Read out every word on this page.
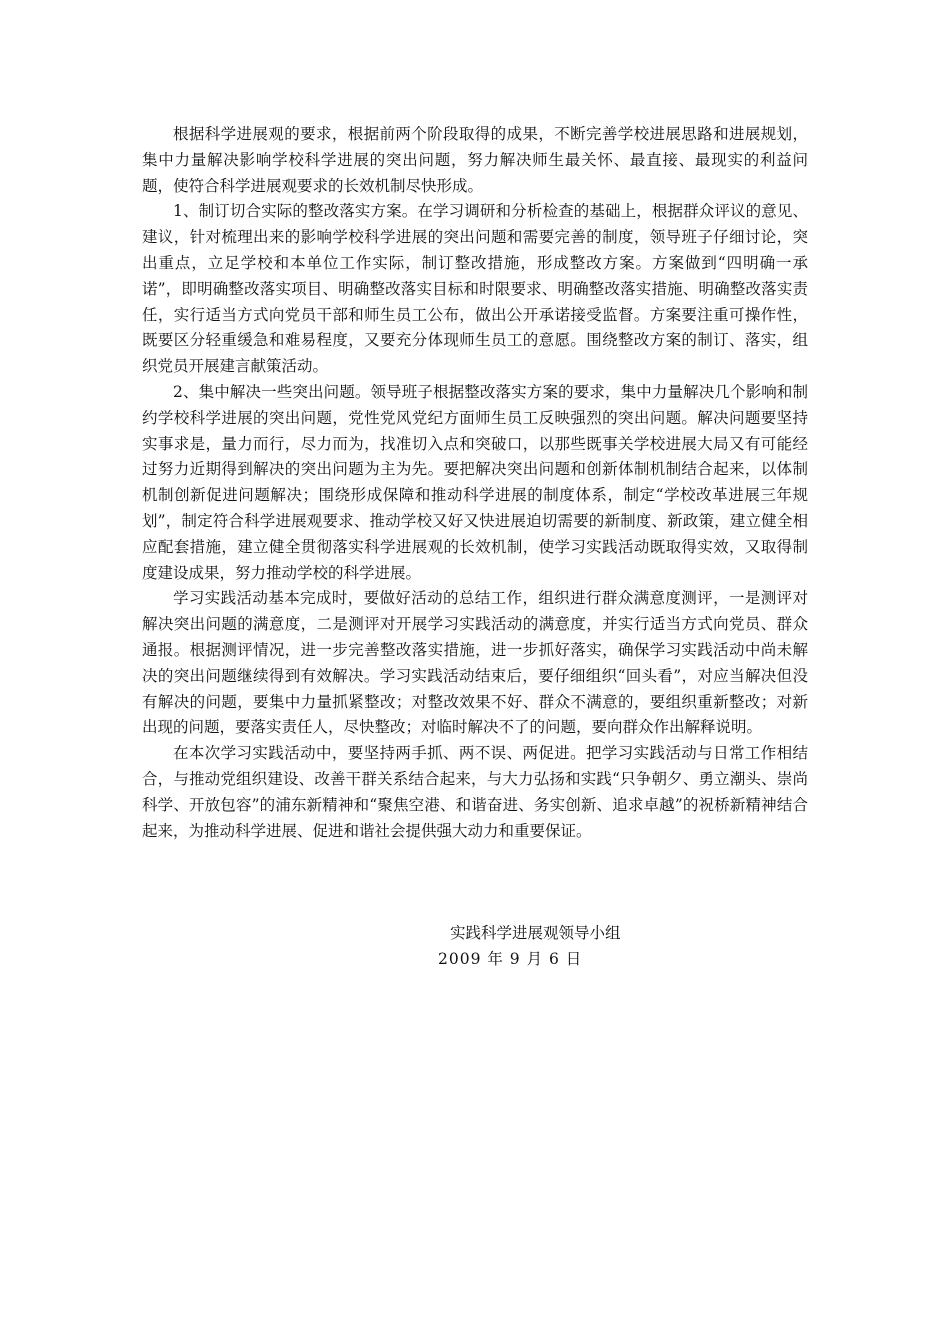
根据科学进展观的要求，根据前两个阶段取得的成果，不断完善学校进展思路和进展规划，集中力量解决影响学校科学进展的突出问题，努力解决师生最关怀、最直接、最现实的利益问题，使符合科学进展观要求的长效机制尽快形成。

1、制订切合实际的整改落实方案。在学习调研和分析检查的基础上，根据群众评议的意见、建议，针对梳理出来的影响学校科学进展的突出问题和需要完善的制度，领导班子仔细讨论，突出重点，立足学校和本单位工作实际，制订整改措施，形成整改方案。方案做到“四明确一承诺”，即明确整改落实项目、明确整改落实目标和时限要求、明确整改落实措施、明确整改落实责任，实行适当方式向党员干部和师生员工公布，做出公开承诺接受监督。方案要注重可操作性，既要区分轻重缓急和难易程度，又要充分体现师生员工的意愿。围绕整改方案的制订、落实，组织党员开展建言献策活动。

2、集中解决一些突出问题。领导班子根据整改落实方案的要求，集中力量解决几个影响和制约学校科学进展的突出问题，党性党风党纪方面师生员工反映强烈的突出问题。解决问题要坚持实事求是，量力而行，尽力而为，找准切入点和突破口，以那些既事关学校进展大局又有可能经过努力近期得到解决的突出问题为主为先。要把解决突出问题和创新体制机制结合起来，以体制机制创新促进问题解决；围绕形成保障和推动科学进展的制度体系，制定“学校改革进展三年规划”，制定符合科学进展观要求、推动学校又好又快进展迫切需要的新制度、新政策，建立健全相应配套措施，建立健全贯彻落实科学进展观的长效机制，使学习实践活动既取得实效，又取得制度建设成果，努力推动学校的科学进展。

学习实践活动基本完成时，要做好活动的总结工作，组织进行群众满意度测评，一是测评对解决突出问题的满意度，二是测评对开展学习实践活动的满意度，并实行适当方式向党员、群众通报。根据测评情况，进一步完善整改落实措施，进一步抓好落实，确保学习实践活动中尚未解决的突出问题继续得到有效解决。学习实践活动结束后，要仔细组织“回头看”，对应当解决但没有解决的问题，要集中力量抓紧整改；对整改效果不好、群众不满意的，要组织重新整改；对新出现的问题，要落实责任人，尽快整改；对临时解决不了的问题，要向群众作出解释说明。

在本次学习实践活动中，要坚持两手抓、两不误、两促进。把学习实践活动与日常工作相结合，与推动党组织建设、改善干群关系结合起来，与大力弘扬和实践“只争朝夕、勇立潮头、崇尚科学、开放包容”的浦东新精神和“聚焦空港、和谐奋进、务实创新、追求卓越”的祝桥新精神结合起来，为推动科学进展、促进和谐社会提供强大动力和重要保证。

实践科学进展观领导小组
2009 年 9 月 6 日
